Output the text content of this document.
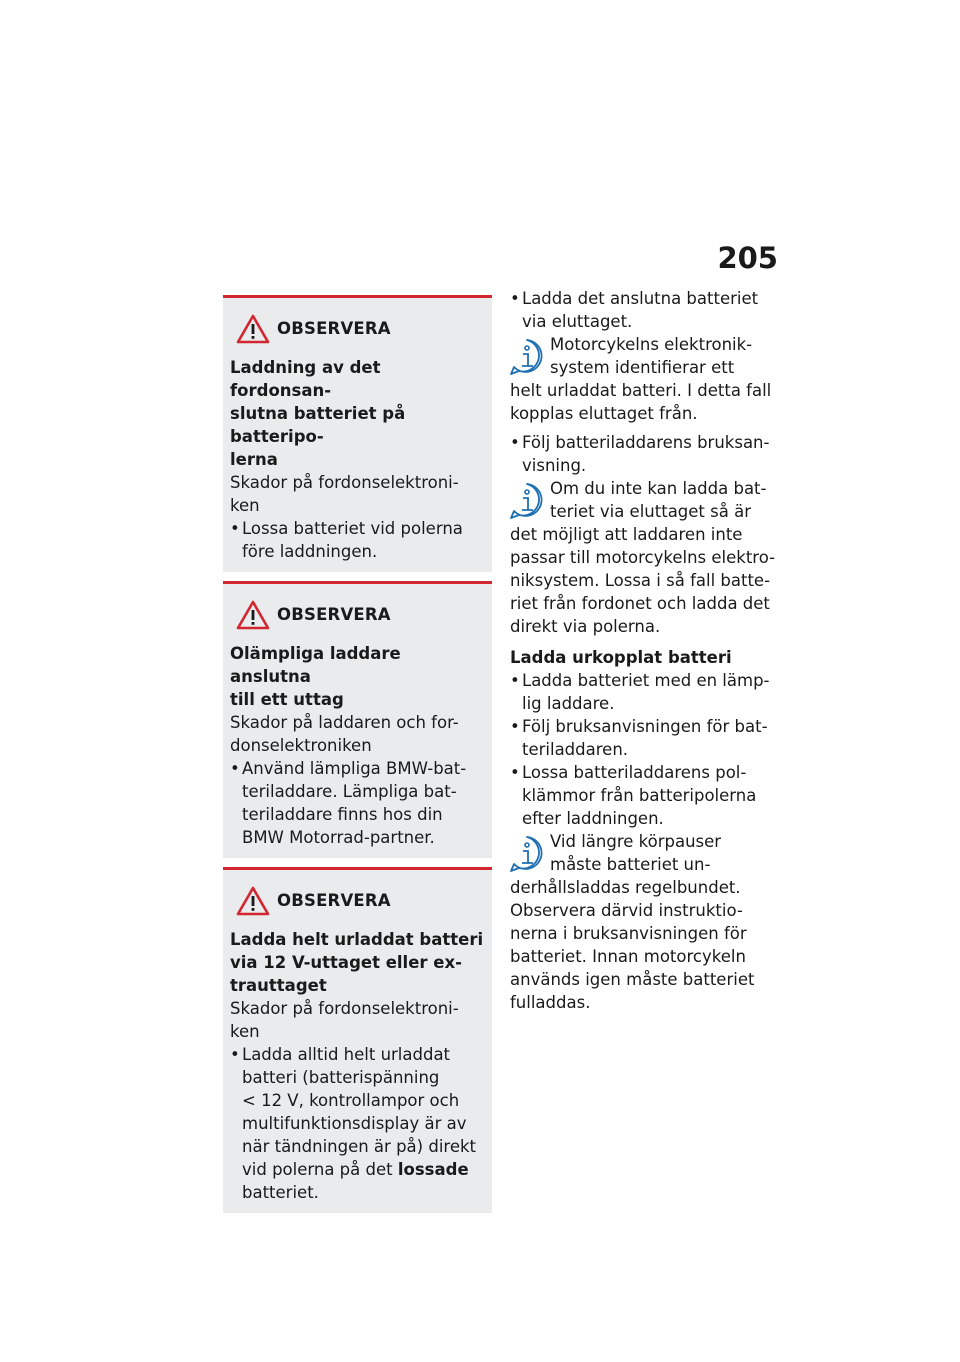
205
OBSERVERA

Laddning av det fordonsan-
slutna batteriet på batteripo-
lerna

Skador på fordonselektroni-
ken

• Lossa batteriet vid polerna
före laddningen.
OBSERVERA

Olämpliga laddare anslutna
till ett uttag

Skador på laddaren och for-
donselektroniken

• Använd lämpliga BMW-bat-
teriladdare. Lämpliga bat-
teriladdare finns hos din
BMW Motorrad-partner.
OBSERVERA

Ladda helt urladdat batteri
via 12 V-uttaget eller ex-
trauttaget

Skador på fordonselektroni-
ken

• Ladda alltid helt urladdat
batteri (batterispänning
< 12 V, kontrollampor och
multifunktionsdisplay är av
när tändningen är på) direkt
vid polerna på det lossade
batteriet.
• Ladda det anslutna batteriet
via eluttaget.

Motorcykelns elektronik-
system identifierar ett
helt urladdat batteri. I detta fall
kopplas eluttaget från.

• Följ batteriladdarens bruksan-
visning.

Om du inte kan ladda bat-
teriet via eluttaget så är
det möjligt att laddaren inte
passar till motorcykelns elektro-
niksystem. Lossa i så fall batte-
riet från fordonet och ladda det
direkt via polerna.

Ladda urkopplat batteri

• Ladda batteriet med en lämp-
lig laddare.
• Följ bruksanvisningen för bat-
teriladdaren.
• Lossa batteriladdarens pol-
klämmor från batteripolerna
efter laddningen.

Vid längre körpauser
måste batteriet un-
derhållsladdas regelbundet.
Observera därvid instruktio-
nerna i bruksanvisningen för
batteriet. Innan motorcykeln
används igen måste batteriet
fulladdas.
